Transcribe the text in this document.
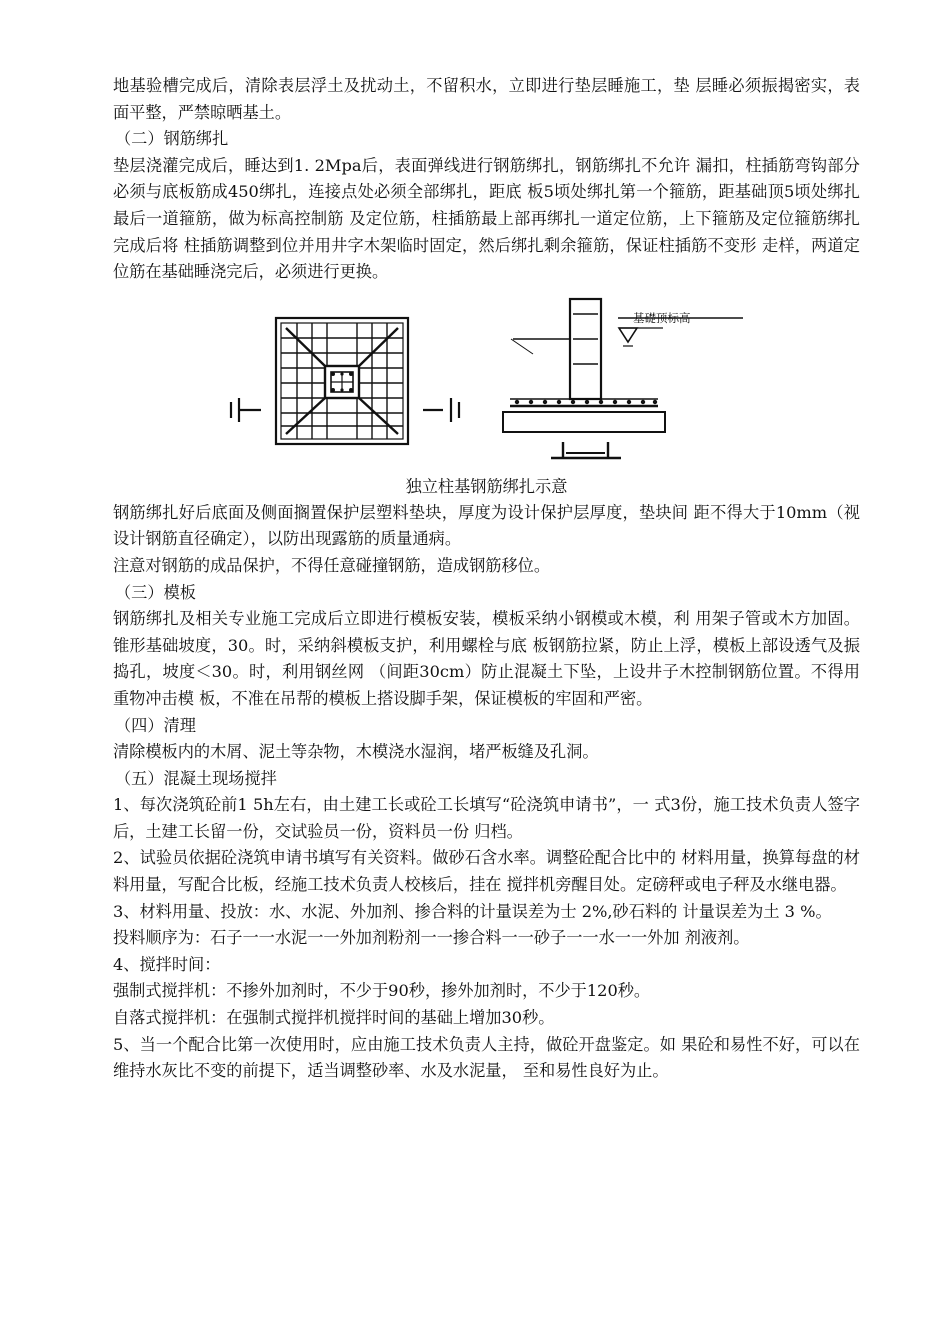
地基验槽完成后，清除表层浮土及扰动土，不留积水，立即进行垫层睡施工，垫 层睡必须振揭密实，表面平整，严禁晾晒基土。

（二）钢筋绑扎

垫层浇灌完成后，睡达到1. 2Mpa后，表面弹线进行钢筋绑扎，钢筋绑扎不允许 漏扣，柱插筋弯钩部分必须与底板筋成450绑扎，连接点处必须全部绑扎，距底 板5顷处绑扎第一个箍筋，距基础顶5顷处绑扎最后一道箍筋，做为标高控制筋 及定位筋，柱插筋最上部再绑扎一道定位筋，上下箍筋及定位箍筋绑扎完成后将 柱插筋调整到位并用井字木架临时固定，然后绑扎剩余箍筋，保证柱插筋不变形 走样，两道定位筋在基础睡浇完后，必须进行更换。

基礎顶标高

独立柱基钢筋绑扎示意

钢筋绑扎好后底面及侧面搁置保护层塑料垫块，厚度为设计保护层厚度，垫块间 距不得大于10mm（视设计钢筋直径确定），以防出现露筋的质量通病。

注意对钢筋的成品保护，不得任意碰撞钢筋，造成钢筋移位。

（三）模板

钢筋绑扎及相关专业施工完成后立即进行模板安装，模板采纳小钢模或木模，利 用架子管或木方加固。锥形基础坡度，30。时，采纳斜模板支护，利用螺栓与底 板钢筋拉紧，防止上浮，模板上部设透气及振捣孔，坡度＜30。时，利用钢丝网 （间距30cm）防止混凝土下坠，上设井子木控制钢筋位置。不得用重物冲击模 板，不准在吊帮的模板上搭设脚手架，保证模板的牢固和严密。

（四）清理

清除模板内的木屑、泥土等杂物，木模浇水湿润，堵严板缝及孔洞。

（五）混凝土现场搅拌

1、每次浇筑砼前1 5h左右，由土建工长或砼工长填写“砼浇筑申请书”，一 式3份，施工技术负责人签字后，土建工长留一份，交试验员一份，资料员一份 归档。

2、试验员依据砼浇筑申请书填写有关资料。做砂石含水率。调整砼配合比中的 材料用量，换算每盘的材料用量，写配合比板，经施工技术负责人校核后，挂在 搅拌机旁醒目处。定磅秤或电子秤及水继电器。

3、材料用量、投放：水、水泥、外加剂、掺合料的计量误差为士 2%,砂石料的 计量误差为土 3 %。

投料顺序为：石子一一水泥一一外加剂粉剂一一掺合料一一砂子一一水一一外加 剂液剂。

4、搅拌时间：

强制式搅拌机：不掺外加剂时，不少于90秒，掺外加剂时，不少于120秒。

自落式搅拌机：在强制式搅拌机搅拌时间的基础上增加30秒。

5、当一个配合比第一次使用时，应由施工技术负责人主持，做砼开盘鉴定。如 果砼和易性不好，可以在维持水灰比不变的前提下，适当调整砂率、水及水泥量， 至和易性良好为止。
